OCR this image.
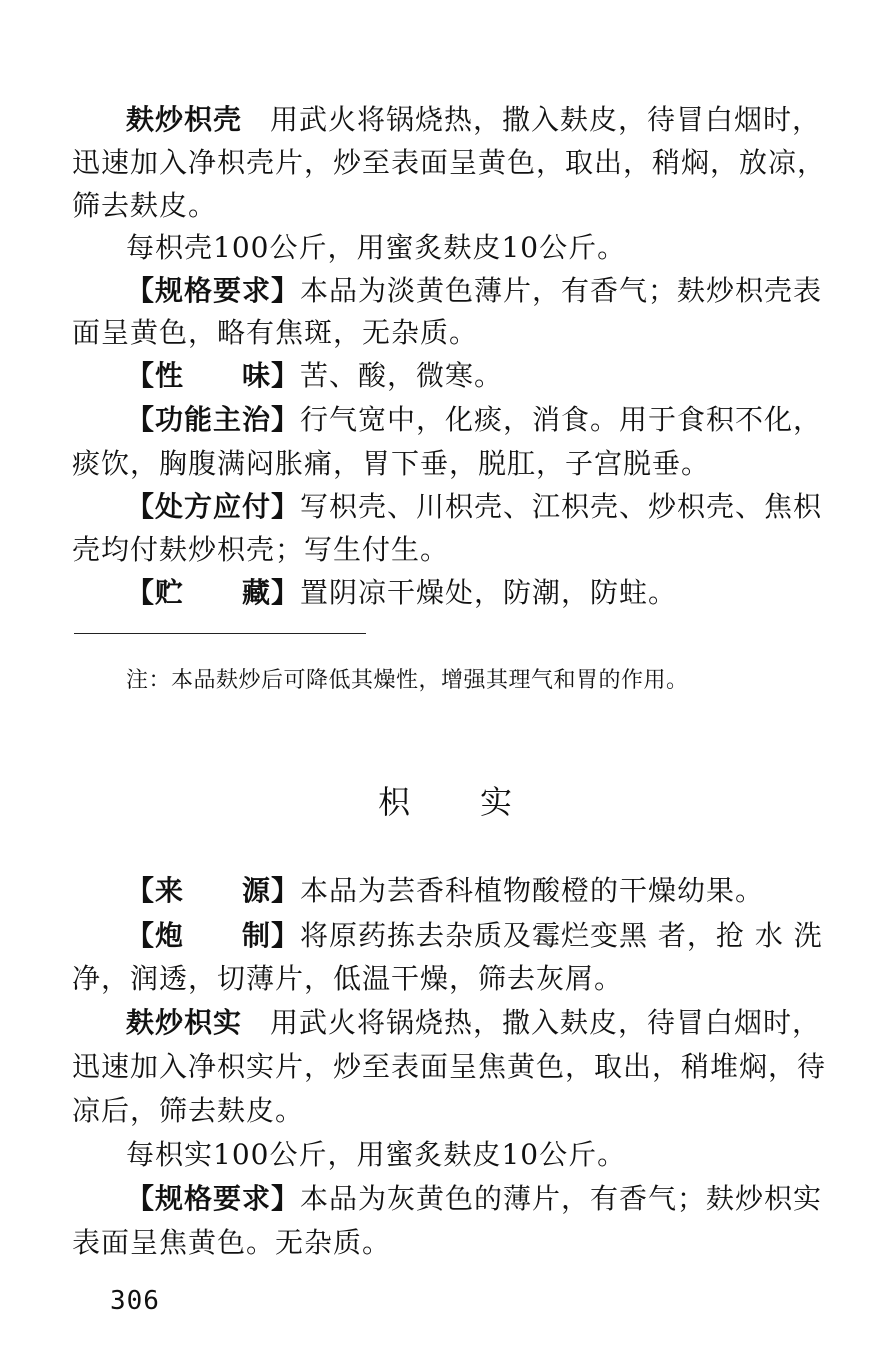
麸炒枳壳 用武火将锅烧热，撒入麸皮，待冒白烟时，
迅速加入净枳壳片，炒至表面呈黄色，取出，稍焖，放凉，
筛去麸皮。
每枳壳100公斤，用蜜炙麸皮10公斤。
【规格要求】本品为淡黄色薄片，有香气；麸炒枳壳表
面呈黄色，略有焦斑，无杂质。
【性　　味】苦、酸，微寒。
【功能主治】行气宽中，化痰，消食。用于食积不化，
痰饮，胸腹满闷胀痛，胃下垂，脱肛，子宫脱垂。
【处方应付】写枳壳、川枳壳、江枳壳、炒枳壳、焦枳
壳均付麸炒枳壳；写生付生。
【贮　　藏】置阴凉干燥处，防潮，防蛀。
注：本品麸炒后可降低其燥性，增强其理气和胃的作用。
枳　　实
【来　　源】本品为芸香科植物酸橙的干燥幼果。
【炮　　制】将原药拣去杂质及霉烂变黑 者，抢 水 洗
净，润透，切薄片，低温干燥，筛去灰屑。
麸炒枳实 用武火将锅烧热，撒入麸皮，待冒白烟时，
迅速加入净枳实片，炒至表面呈焦黄色，取出，稍堆焖，待
凉后，筛去麸皮。
每枳实100公斤，用蜜炙麸皮10公斤。
【规格要求】本品为灰黄色的薄片，有香气；麸炒枳实
表面呈焦黄色。无杂质。
306
